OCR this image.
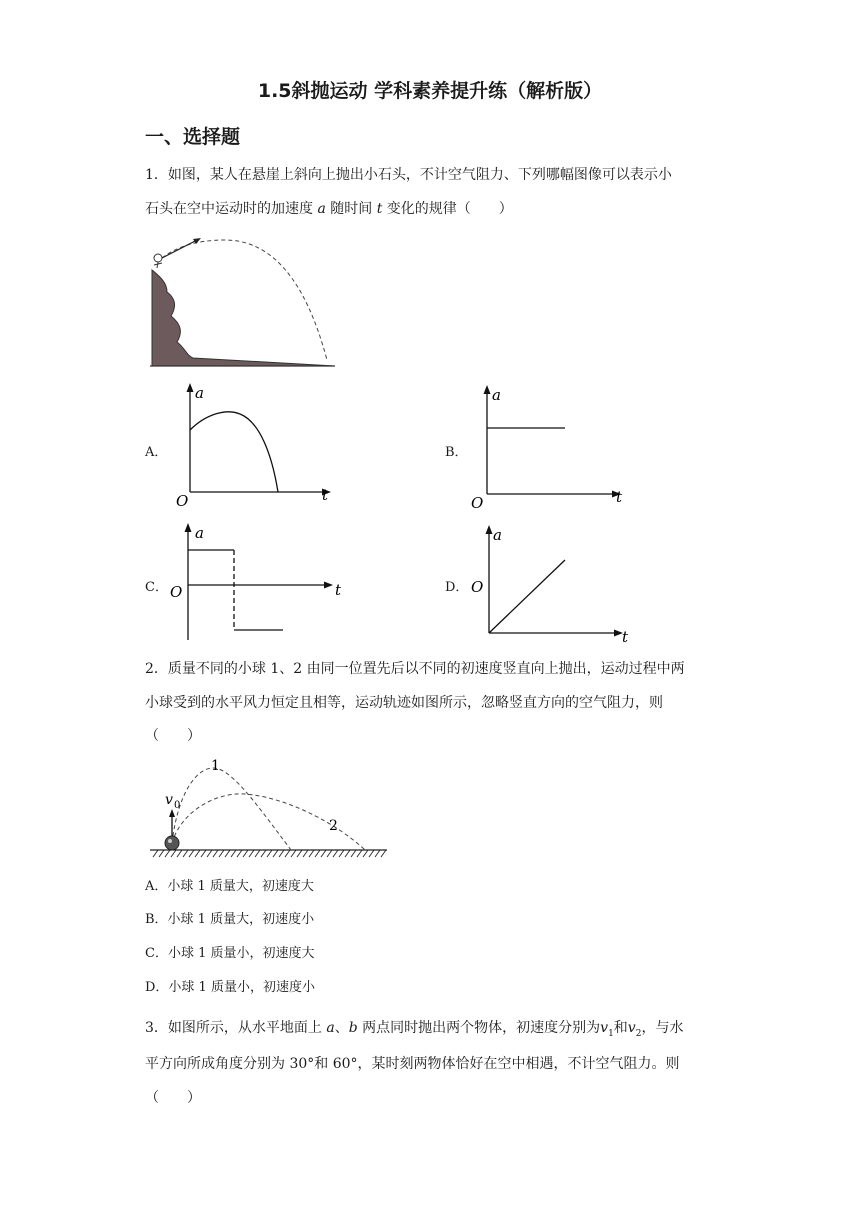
1.5斜抛运动 学科素养提升练（解析版）
一、选择题
1．如图，某人在悬崖上斜向上抛出小石头，不计空气阻力、下列哪幅图像可以表示小
石头在空中运动时的加速度 a 随时间 t 变化的规律（　　）
A．
a
O	t
B．
a
O	t
C．
a
O	t	D．
a
O
t
2．质量不同的小球 1、2 由同一位置先后以不同的初速度竖直向上抛出，运动过程中两
小球受到的水平风力恒定且相等，运动轨迹如图所示，忽略竖直方向的空气阻力，则
（　　）
v 0
1
2
A．小球 1 质量大，初速度大
B．小球 1 质量大，初速度小
C．小球 1 质量小，初速度大
D．小球 1 质量小，初速度小
3．如图所示，从水平地面上 a、b 两点同时抛出两个物体，初速度分别为$v_1$和$v_2$，与水
平方向所成角度分别为 30°和 60°，某时刻两物体恰好在空中相遇，不计空气阻力。则
（　　）
